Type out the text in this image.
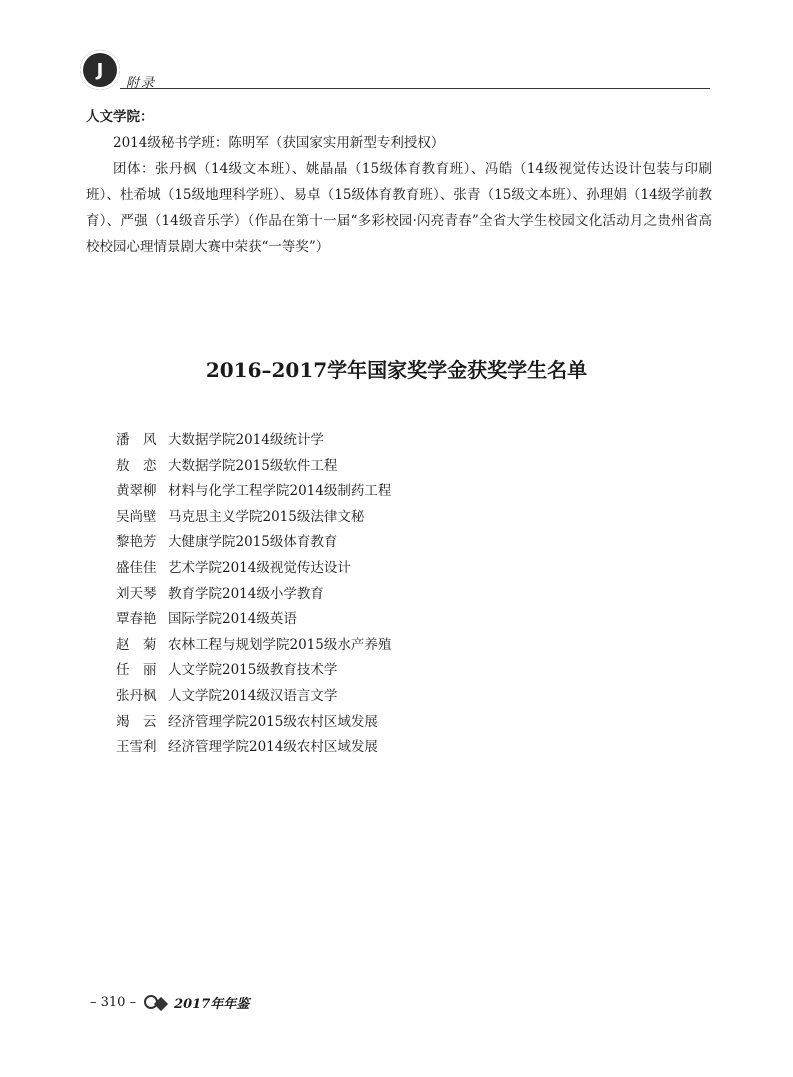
J
附录

人文学院：

2014级秘书学班：陈明军（获国家实用新型专利授权）

团体：张丹枫（14级文本班）、姚晶晶（15级体育教育班）、冯皓（14级视觉传达设计包装与印刷班）、杜希城（15级地理科学班）、易卓（15级体育教育班）、张青（15级文本班）、孙理娟（14级学前教育）、严强（14级音乐学）（作品在第十一届“多彩校园·闪亮青春”全省大学生校园文化活动月之贵州省高校校园心理情景剧大赛中荣获“一等奖”）

2016–2017学年国家奖学金获奖学生名单
潘　风 大数据学院2014级统计学
敖　恋 大数据学院2015级软件工程
黄翠柳 材料与化学工程学院2014级制药工程
吴尚壁 马克思主义学院2015级法律文秘
黎艳芳 大健康学院2015级体育教育
盛佳佳 艺术学院2014级视觉传达设计
刘天琴 教育学院2014级小学教育
覃春艳 国际学院2014级英语
赵　菊 农林工程与规划学院2015级水产养殖
任　丽 人文学院2015级教育技术学
张丹枫 人文学院2014级汉语言文学
竭　云 经济管理学院2015级农村区域发展
王雪利 经济管理学院2014级农村区域发展
– 310 –	2017年年鉴
